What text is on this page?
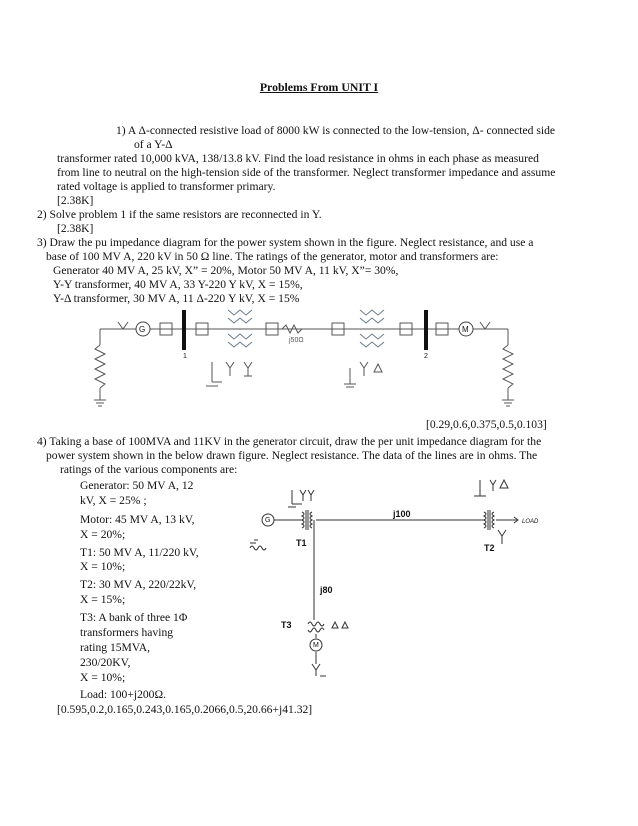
Problems From UNIT I
1) A Δ-connected resistive load of 8000 kW is connected to the low-tension, Δ- connected side
of a Y-Δ
transformer rated 10,000 kVA, 138/13.8 kV. Find the load resistance in ohms in each phase as measured
from line to neutral on the high-tension side of the transformer. Neglect transformer impedance and assume
rated voltage is applied to transformer primary.
[2.38K]
2) Solve problem 1 if the same resistors are reconnected in Y.
[2.38K]
3) Draw the pu impedance diagram for the power system shown in the figure. Neglect resistance, and use a
base of 100 MV A, 220 kV in 50 Ω line. The ratings of the generator, motor and transformers are:
Generator 40 MV A, 25 kV, X” = 20%, Motor 50 MV A, 11 kV, X”= 30%,
Y-Y transformer, 40 MV A, 33 Y-220 Y kV, X = 15%,
Y-Δ transformer, 30 MV A, 11 Δ-220 Y kV, X = 15%
G	M
j50Ω
1	2
[0.29,0.6,0.375,0.5,0.103]
4) Taking a base of 100MVA and 11KV in the generator circuit, draw the per unit impedance diagram for the
power system shown in the below drawn figure. Neglect resistance. The data of the lines are in ohms. The
ratings of the various components are:
Generator: 50 MV A, 12
kV, X = 25% ;
Motor: 45 MV A, 13 kV,
X = 20%;
T1: 50 MV A, 11/220 kV,
X = 10%;
T2: 30 MV A, 220/22kV,
X = 15%;
T3: A bank of three 1Φ
transformers having
rating 15MVA,
230/20KV,
X = 10%;
Load: 100+j200Ω.
G
M
T1	T2
T3
j100
j80
LOAD
[0.595,0.2,0.165,0.243,0.165,0.2066,0.5,20.66+j41.32]
